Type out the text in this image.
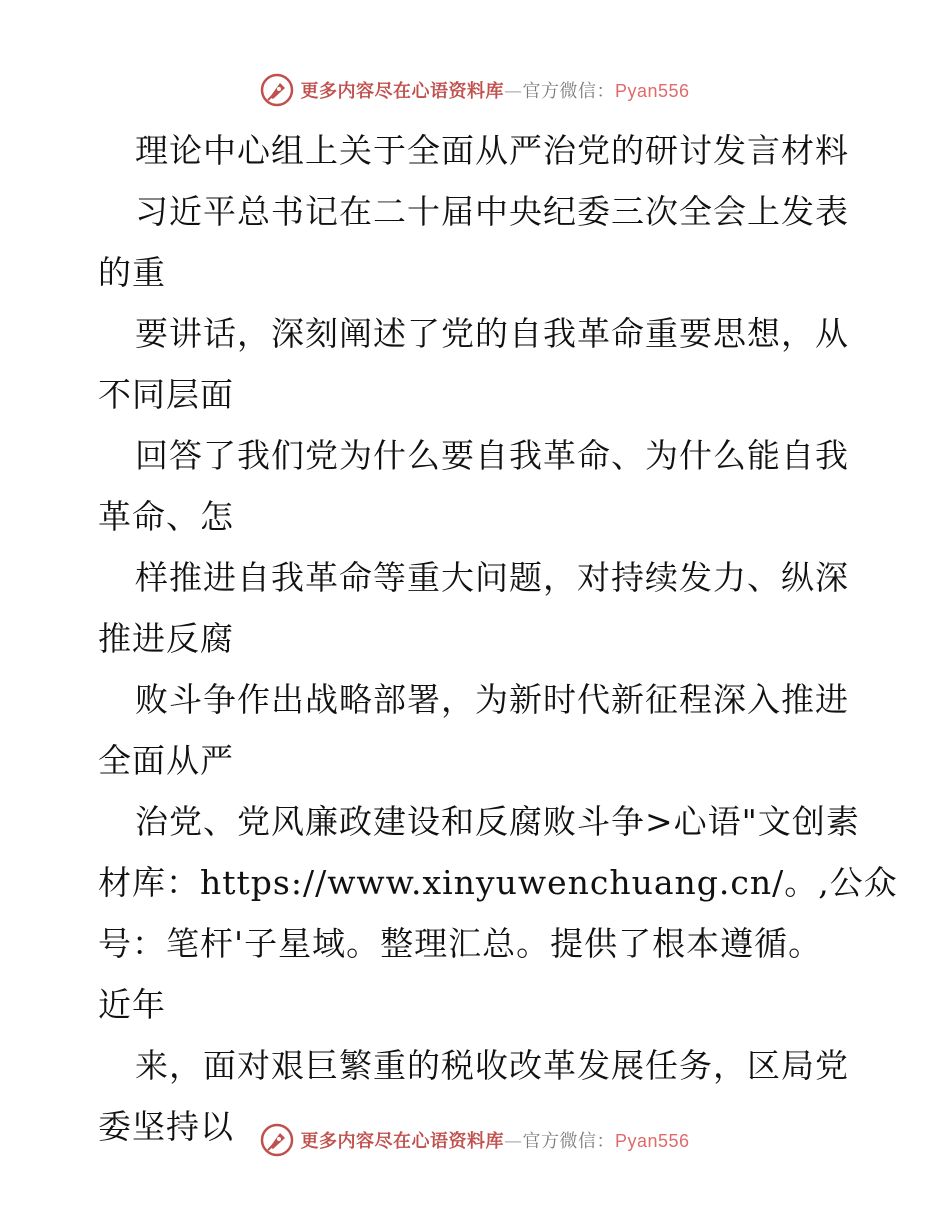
更多内容尽在心语资料库—官方微信：Pyan556
理论中心组上关于全面从严治党的研讨发言材料
习近平总书记在二十届中央纪委三次全会上发表
的重
要讲话，深刻阐述了党的自我革命重要思想，从
不同层面
回答了我们党为什么要自我革命、为什么能自我
革命、怎
样推进自我革命等重大问题，对持续发力、纵深
推进反腐
败斗争作出战略部署，为新时代新征程深入推进
全面从严
治党、党风廉政建设和反腐败斗争>心语"文创素
材库：https://www.xinyuwenchuang.cn/。,公众
号：笔杆'子星域。整理汇总。提供了根本遵循。
近年
来，面对艰巨繁重的税收改革发展任务，区局党
委坚持以	更多内容尽在心语资料库—官方微信：Pyan556
